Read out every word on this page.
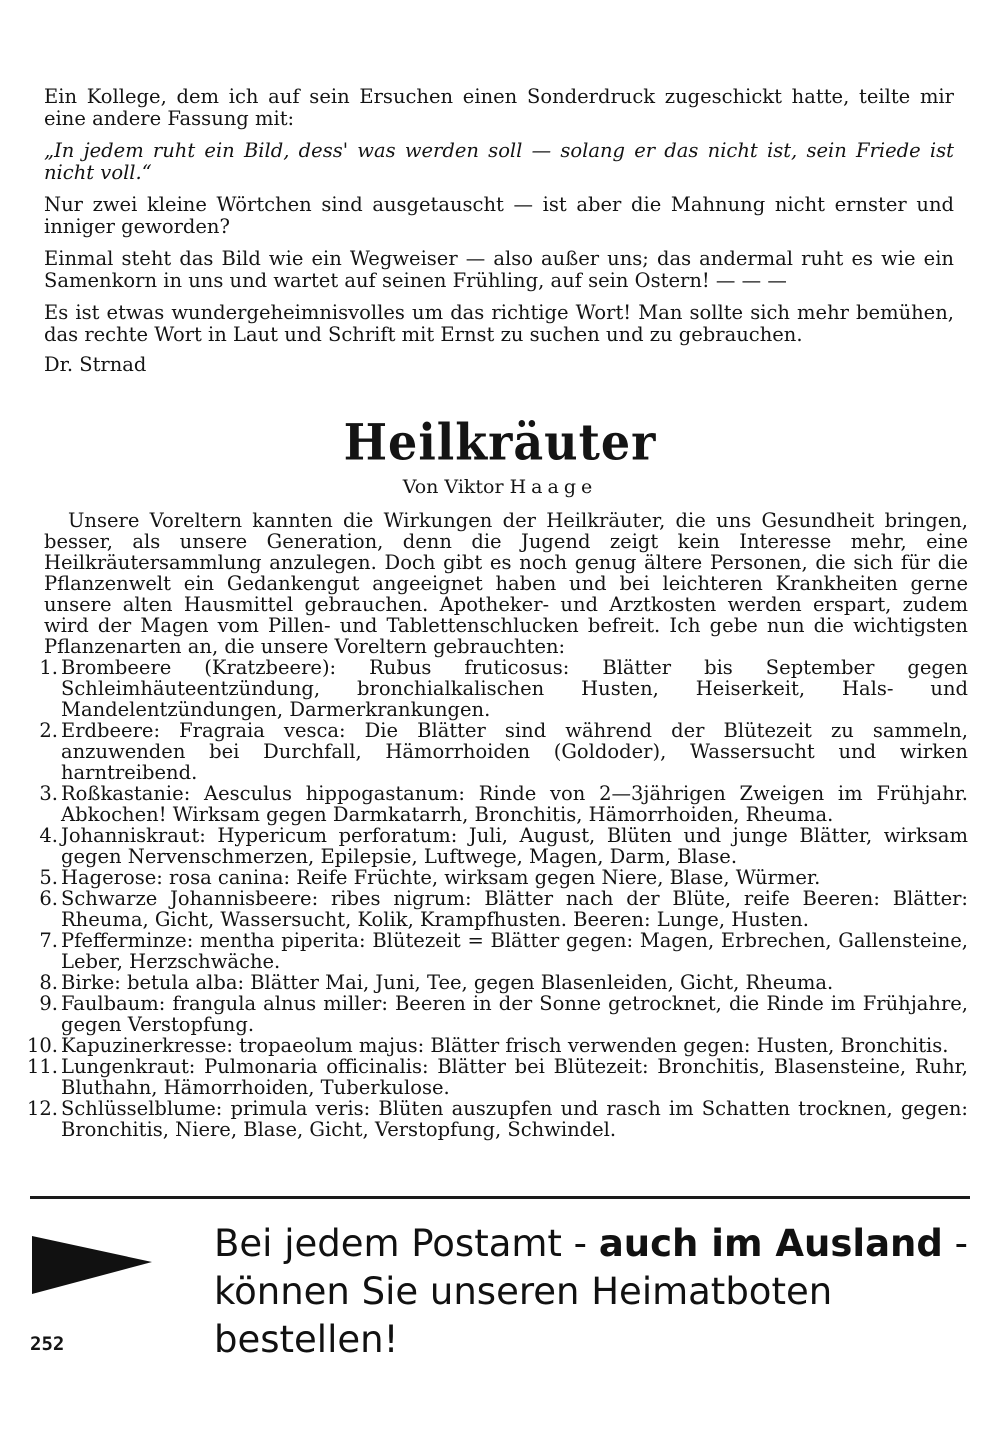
Ein Kollege, dem ich auf sein Ersuchen einen Sonderdruck zugeschickt hatte, teilte mir eine andere Fassung mit:

„In jedem ruht ein Bild, dess' was werden soll — solang er das nicht ist, sein Friede ist nicht voll.“

Nur zwei kleine Wörtchen sind ausgetauscht — ist aber die Mahnung nicht ernster und inniger geworden?

Einmal steht das Bild wie ein Wegweiser — also außer uns; das andermal ruht es wie ein Samenkorn in uns und wartet auf seinen Frühling, auf sein Ostern! — — —

Es ist etwas wundergeheimnisvolles um das richtige Wort! Man sollte sich mehr bemühen, das rechte Wort in Laut und Schrift mit Ernst zu suchen und zu gebrauchen.

Dr. Strnad

Heilkräuter
Von Viktor Haage

Unsere Voreltern kannten die Wirkungen der Heilkräuter, die uns Gesundheit bringen, besser, als unsere Generation, denn die Jugend zeigt kein Interesse mehr, eine Heilkräutersammlung anzulegen. Doch gibt es noch genug ältere Personen, die sich für die Pflanzenwelt ein Gedankengut angeeignet haben und bei leichteren Krankheiten gerne unsere alten Hausmittel gebrauchen. Apotheker- und Arztkosten werden erspart, zudem wird der Magen vom Pillen- und Tablettenschlucken befreit. Ich gebe nun die wichtigsten Pflanzenarten an, die unsere Voreltern gebrauchten:

1. Brombeere (Kratzbeere): Rubus fruticosus: Blätter bis September gegen Schleimhäuteentzündung, bronchialkalischen Husten, Heiserkeit, Hals- und Mandelentzündungen, Darmerkrankungen.
2. Erdbeere: Fragraia vesca: Die Blätter sind während der Blütezeit zu sammeln, anzuwenden bei Durchfall, Hämorrhoiden (Goldoder), Wassersucht und wirken harntreibend.
3. Roßkastanie: Aesculus hippogastanum: Rinde von 2—3jährigen Zweigen im Frühjahr. Abkochen! Wirksam gegen Darmkatarrh, Bronchitis, Hämorrhoiden, Rheuma.
4. Johanniskraut: Hypericum perforatum: Juli, August, Blüten und junge Blätter, wirksam gegen Nervenschmerzen, Epilepsie, Luftwege, Magen, Darm, Blase.
5. Hagerose: rosa canina: Reife Früchte, wirksam gegen Niere, Blase, Würmer.
6. Schwarze Johannisbeere: ribes nigrum: Blätter nach der Blüte, reife Beeren: Blätter: Rheuma, Gicht, Wassersucht, Kolik, Krampfhusten. Beeren: Lunge, Husten.
7. Pfefferminze: mentha piperita: Blütezeit = Blätter gegen: Magen, Erbrechen, Gallensteine, Leber, Herzschwäche.
8. Birke: betula alba: Blätter Mai, Juni, Tee, gegen Blasenleiden, Gicht, Rheuma.
9. Faulbaum: frangula alnus miller: Beeren in der Sonne getrocknet, die Rinde im Frühjahre, gegen Verstopfung.
10. Kapuzinerkresse: tropaeolum majus: Blätter frisch verwenden gegen: Husten, Bronchitis.
11. Lungenkraut: Pulmonaria officinalis: Blätter bei Blütezeit: Bronchitis, Blasensteine, Ruhr, Bluthahn, Hämorrhoiden, Tuberkulose.
12. Schlüsselblume: primula veris: Blüten auszupfen und rasch im Schatten trocknen, gegen: Bronchitis, Niere, Blase, Gicht, Verstopfung, Schwindel.
Bei jedem Postamt - auch im Ausland -
können Sie unseren Heimatboten bestellen!
252
